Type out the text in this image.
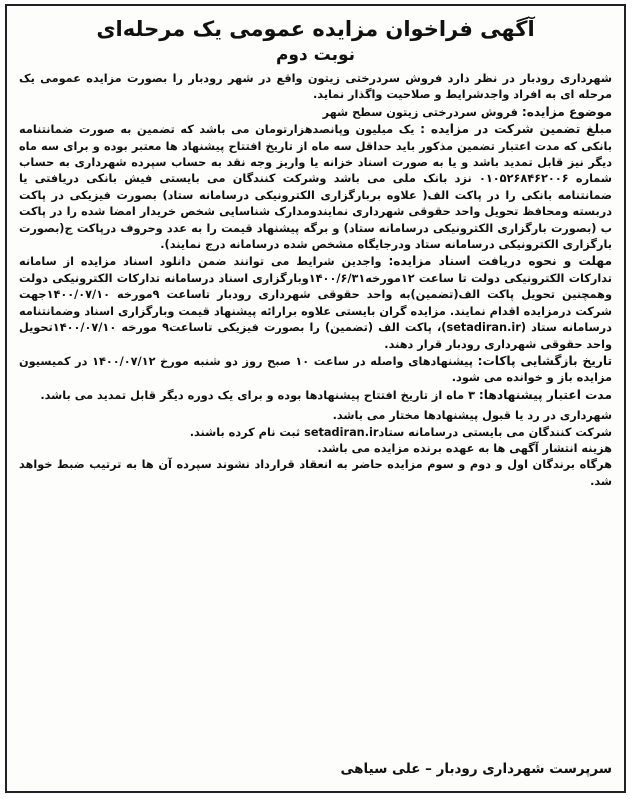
آگهی فراخوان مزایده عمومی یک مرحله‌ای
نوبت دوم

شهرداری رودبار در نظر دارد فروش سردرختی زیتون واقع در شهر رودبار را بصورت مزایده عمومی یک مرحله ای به افراد واجدشرایط و صلاحیت واگذار نماید.

موضوع مزایده: فروش سردرختی زیتون سطح شهر

مبلغ تضمین شرکت در مزایده : یک میلیون وپانصدهزارتومان می باشد که تضمین به صورت ضمانتنامه بانکی که مدت اعتبار تضمین مذکور باید حداقل سه ماه از تاریخ افتتاح پیشنهاد ها معتبر بوده و برای سه ماه دیگر نیز قابل تمدید باشد و یا به صورت اسناد خزانه یا واریز وجه نقد به حساب سپرده شهرداری به حساب شماره ۰۱۰۵۲۶۸۴۶۲۰۰۶ نزد بانک ملی می باشد وشرکت کنندگان می بایستی فیش بانکی دریافتی یا ضمانتنامه بانکی را در پاکت الف( علاوه بربارگزاری الکترونیکی درسامانه ستاد) بصورت فیزیکی در پاکت دربسته ومحافظ تحویل واحد حقوقی شهرداری نمایندومدارک شناسایی شخص خریدار امضا شده را در پاکت ب (بصورت بارگزاری الکترونیکی درسامانه ستاد) و برگه پیشنهاد قیمت را به عدد وحروف درپاکت ج(بصورت بارگزاری الکترونیکی درسامانه ستاد ودرجایگاه مشخص شده درسامانه درج نمایند).

مهلت و نحوه دریافت اسناد مزایده: واجدین شرایط می توانند ضمن دانلود اسناد مزایده از سامانه تدارکات الکترونیکی دولت تا ساعت ۱۲مورخه۱۴۰۰/۶/۳۱وبارگزاری اسناد درسامانه تدارکات الکترونیکی دولت وهمچنین تحویل پاکت الف(تضمین)به واحد حقوقی شهرداری رودبار تاساعت ۹مورخه ۱۴۰۰/۰۷/۱۰جهت شرکت درمزایده اقدام نمایند. مزایده گران بایستی علاوه برارائه پیشنهاد قیمت وبارگزاری اسناد وضمانتنامه درسامانه ستاد (setadiran.ir)، پاکت الف (تضمین) را بصورت فیزیکی تاساعت۹ مورخه ۱۴۰۰/۰۷/۱۰تحویل واحد حقوقی شهرداری رودبار قرار دهند.

تاریخ بازگشایی پاکات: پیشنهادهای واصله در ساعت ۱۰ صبح روز دو شنبه مورخ ۱۴۰۰/۰۷/۱۲ در کمیسیون مزایده باز و خوانده می شود.

مدت اعتبار پیشنهادها: ۳ ماه از تاریخ افتتاح پیشنهادها بوده و برای یک دوره دیگر قابل تمدید می باشد.

شهرداری در رد یا قبول پیشنهادها مختار می باشد.

شرکت کنندگان می بایستی درسامانه ستادsetadiran.ir ثبت نام کرده باشند.

هزینه انتشار آگهی ها به عهده برنده مزایده می باشد.

هرگاه برندگان اول و دوم و سوم مزایده حاضر به انعقاد قرارداد نشوند سپرده آن ها به ترتیب ضبط خواهد شد.

سرپرست شهرداری رودبار – علی سیاهی
